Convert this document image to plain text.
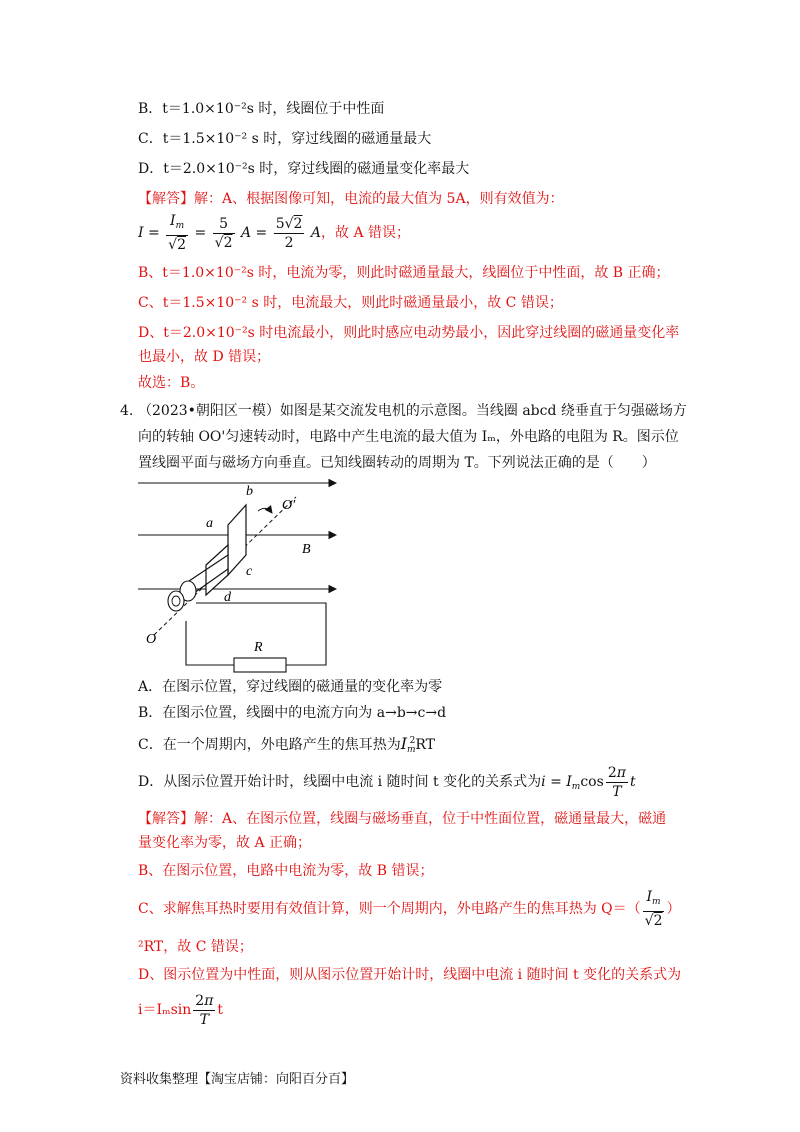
B．t＝1.0×10⁻²s 时，线圈位于中性面
C．t＝1.5×10⁻² s 时，穿过线圈的磁通量最大
D．t＝2.0×10⁻²s 时，穿过线圈的磁通量变化率最大
【解答】解：A、根据图像可知，电流的最大值为 5A，则有效值为：
$I = \frac{I_m}{√2} = \frac{5}{√2}$ $A = \frac{5√2}{2}$ A，故 A 错误；
B、t＝1.0×10⁻²s 时，电流为零，则此时磁通量最大，线圈位于中性面，故 B 正确；
C、t＝1.5×10⁻² s 时，电流最大，则此时磁通量最小，故 C 错误；
D、t＝2.0×10⁻²s 时电流最小，则此时感应电动势最小，因此穿过线圈的磁通量变化率
也最小，故 D 错误；
故选：B。
4. （2023•朝阳区一模）如图是某交流发电机的示意图。当线圈 abcd 绕垂直于匀强磁场方
向的转轴 OO'匀速转动时，电路中产生电流的最大值为 Iₘ，外电路的电阻为 R。图示位
置线圈平面与磁场方向垂直。已知线圈转动的周期为 T。下列说法正确的是（　　）
b
O′
a
B
c
d
O
R
A．在图示位置，穿过线圈的磁通量的变化率为零
B．在图示位置，线圈中的电流方向为 a→b→c→d
C．在一个周期内，外电路产生的焦耳热为$I_m^2RT$
D．从图示位置开始计时，线圈中电流 i 随时间 t 变化的关系式为$i = I_m\cos \frac{2\pi}{T}$ t
【解答】解：A、在图示位置，线圈与磁场垂直，位于中性面位置，磁通量最大，磁通
量变化率为零，故 A 正确；
B、在图示位置，电路中电流为零，故 B 错误；
C、求解焦耳热时要用有效值计算，则一个周期内，外电路产生的焦耳热为 $Q=( \frac{I_m}{√2}$ ）
²RT，故 C 错误；
D、图示位置为中性面，则从图示位置开始计时，线圈中电流 i 随时间 t 变化的关系式为
$i=I_m\sin \frac{2\pi}{T}$ t
资料收集整理【淘宝店铺：向阳百分百】
